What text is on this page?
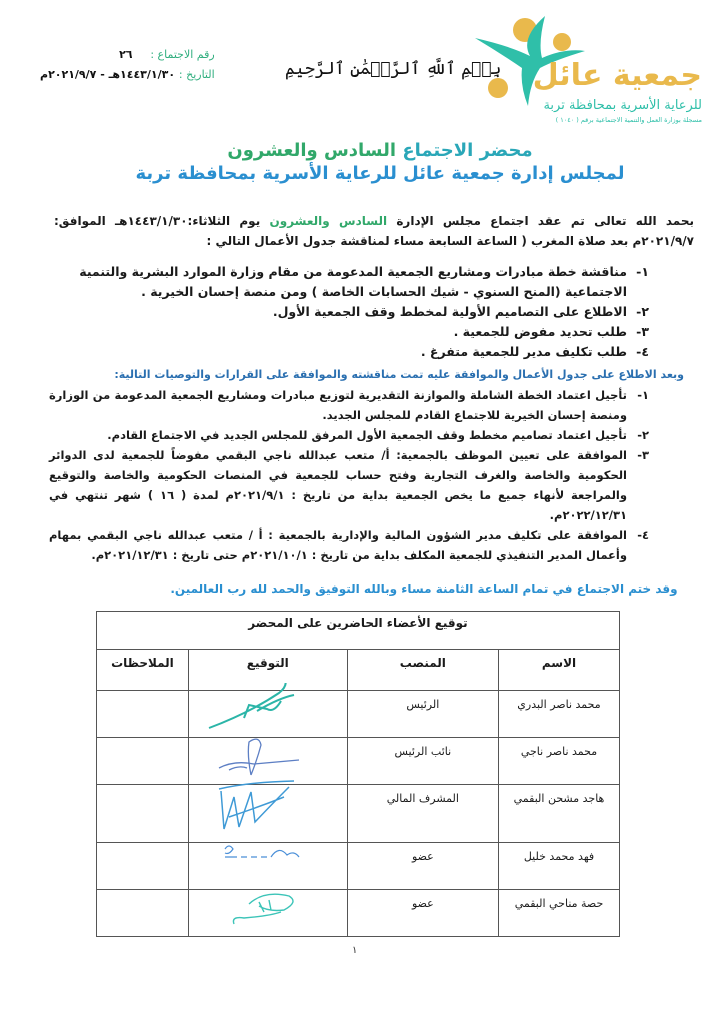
جمعية عائل
للرعاية الأسرية بمحافظة تربة
مسجلة بوزارة العمل والتنمية الاجتماعية برقم ( ١٠٤٠ )
بِسۡمِ ٱللَّهِ ٱلرَّحۡمَٰنِ ٱلرَّحِيمِ
رقم الاجتماع : ٢٦
التاريخ : ١٤٤٣/١/٣٠هـ - ٢٠٢١/٩/٧م
محضر الاجتماع السادس والعشرون
لمجلس إدارة جمعية عائل للرعاية الأسرية بمحافظة تربة
بحمد الله تعالى تم عقد اجتماع مجلس الإدارة السادس والعشرون يوم الثلاثاء:١٤٤٣/١/٣٠هـ الموافق: ٢٠٢١/٩/٧م بعد صلاة المغرب ( الساعة السابعة مساء لمناقشة جدول الأعمال التالي :
١-
مناقشة خطة مبادرات ومشاريع الجمعية المدعومة من مقام وزارة الموارد البشرية والتنمية الاجتماعية (المنح السنوي - شيك الحسابات الخاصة ) ومن منصة إحسان الخيرية .
٢-
الاطلاع على التصاميم الأولية لمخطط وقف الجمعية الأول.
٣-
طلب تحديد مفوض للجمعية .
٤-
طلب تكليف مدير للجمعية متفرغ .
وبعد الاطلاع على جدول الأعمال والموافقة عليه تمت مناقشته والموافقة على القرارات والتوصيات التالية:
١-
تأجيل اعتماد الخطة الشاملة والموازنة التقديرية لتوزيع مبادرات ومشاريع الجمعية المدعومة من الوزارة ومنصة إحسان الخيرية للاجتماع القادم للمجلس الجديد.
٢-
تأجيل اعتماد تصاميم مخطط وقف الجمعية الأول المرفق للمجلس الجديد في الاجتماع القادم.
٣-
الموافقة على تعيين الموظف بالجمعية: أ/ متعب عبدالله ناجي البقمي مفوضاً للجمعية لدى الدوائر الحكومية والخاصة والغرف التجارية وفتح حساب للجمعية في المنصات الحكومية والخاصة والتوقيع والمراجعة لأنهاء جميع ما يخص الجمعية بداية من تاريخ : ٢٠٢١/٩/١م لمدة ( ١٦ ) شهر تنتهي في ٢٠٢٢/١٢/٣١م.
٤-
الموافقة على تكليف مدير الشؤون المالية والإدارية بالجمعية : أ / متعب عبدالله ناجي البقمي بمهام وأعمال المدير التنفيذي للجمعية المكلف بداية من تاريخ : ٢٠٢١/١٠/١م حتى تاريخ : ٢٠٢١/١٢/٣١م.
وقد ختم الاجتماع في تمام الساعة الثامنة مساء وبالله التوفيق والحمد لله رب العالمين.
توقيع الأعضاء الحاضرين على المحضر			
الاسم	المنصب	التوقيع	الملاحظات
محمد ناصر البدري	الرئيس	

محمد ناصر ناجي	نائب الرئيس	

هاجد مشحن البقمي	المشرف المالي	

فهد محمد خليل	عضو	

حصة مناحي البقمي	عضو	

١
